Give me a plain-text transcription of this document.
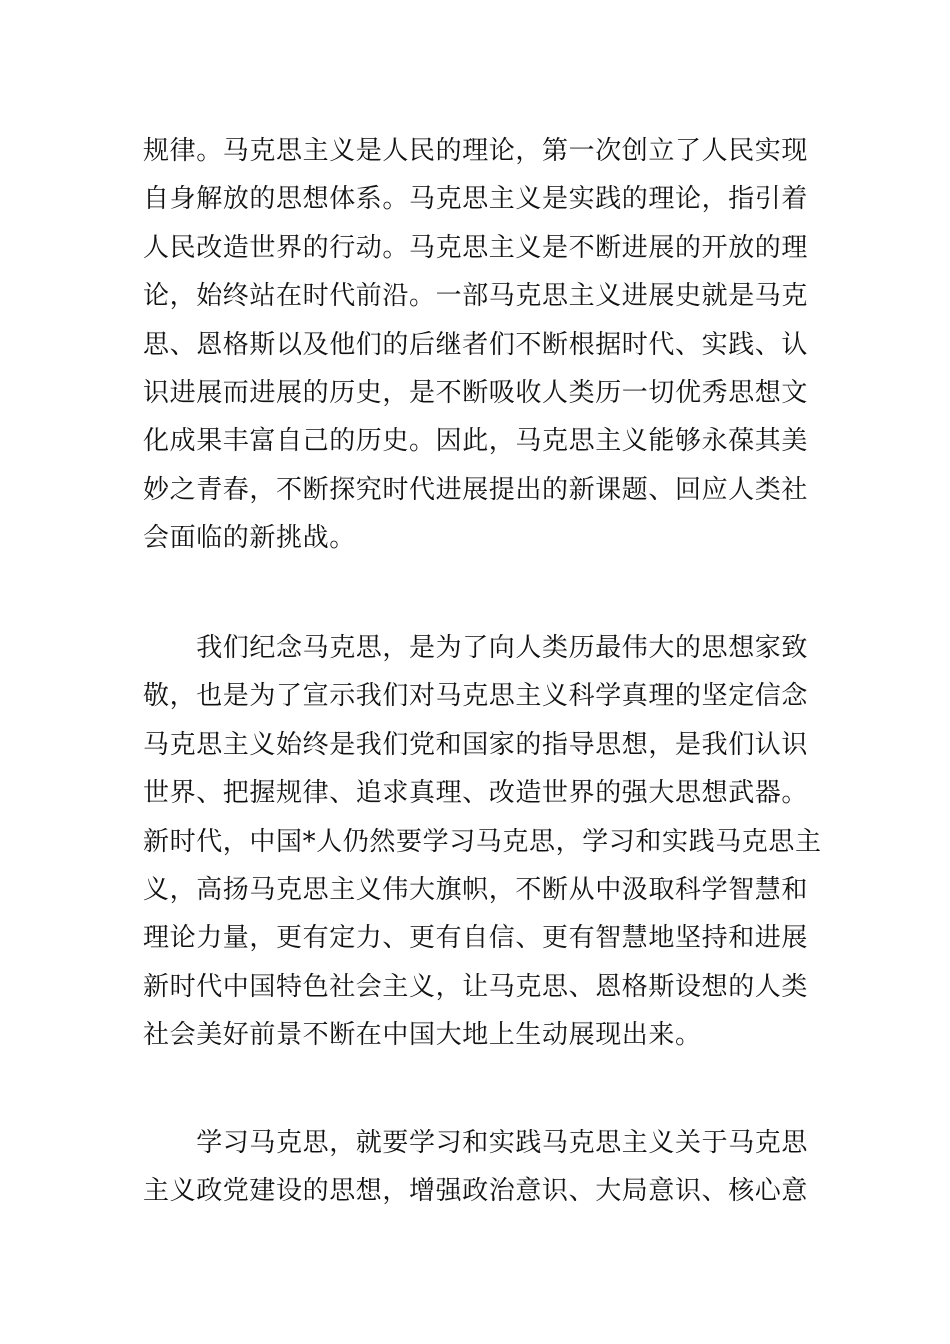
规律。马克思主义是人民的理论，第一次创立了人民实现
自身解放的思想体系。马克思主义是实践的理论，指引着
人民改造世界的行动。马克思主义是不断进展的开放的理
论，始终站在时代前沿。一部马克思主义进展史就是马克
思、恩格斯以及他们的后继者们不断根据时代、实践、认
识进展而进展的历史，是不断吸收人类历一切优秀思想文
化成果丰富自己的历史。因此，马克思主义能够永葆其美
妙之青春，不断探究时代进展提出的新课题、回应人类社
会面临的新挑战。
　　我们纪念马克思，是为了向人类历最伟大的思想家致
敬，也是为了宣示我们对马克思主义科学真理的坚定信念
马克思主义始终是我们党和国家的指导思想，是我们认识
世界、把握规律、追求真理、改造世界的强大思想武器。
新时代，中国*人仍然要学习马克思，学习和实践马克思主
义，高扬马克思主义伟大旗帜，不断从中汲取科学智慧和
理论力量，更有定力、更有自信、更有智慧地坚持和进展
新时代中国特色社会主义，让马克思、恩格斯设想的人类
社会美好前景不断在中国大地上生动展现出来。
　　学习马克思，就要学习和实践马克思主义关于马克思
主义政党建设的思想，增强政治意识、大局意识、核心意
